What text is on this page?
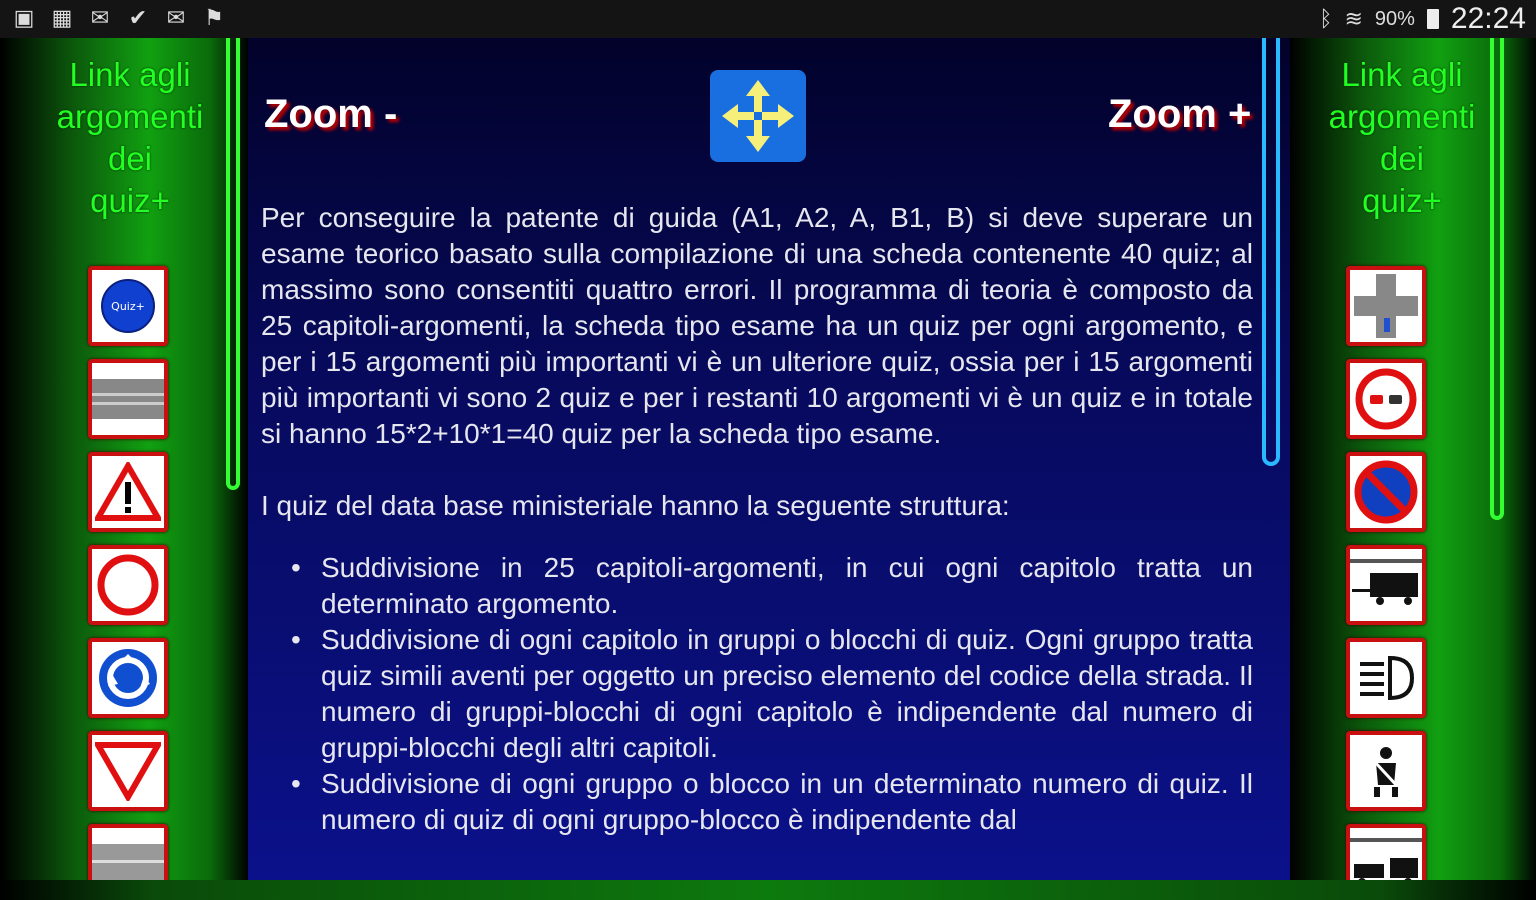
▣ ▦ ✉ ✔ ✉ ⚑	ᛒ ≋ 90% 22:24
Link agli
argomenti
dei
quiz+
Quiz+
Link agli
argomenti
dei
quiz+
Zoom -	Zoom +

Per conseguire la patente di guida (A1, A2, A, B1, B) si deve superare un esame teorico basato sulla compilazione di una scheda contenente 40 quiz; al massimo sono consentiti quattro errori. Il programma di teoria è composto da 25 capitoli-argomenti, la scheda tipo esame ha un quiz per ogni argomento, e per i 15 argomenti più importanti vi è un ulteriore quiz, ossia per i 15 argomenti più importanti vi sono 2 quiz e per i restanti 10 argomenti vi è un quiz e in totale si hanno 15*2+10*1=40 quiz per la scheda tipo esame.

I quiz del data base ministeriale hanno la seguente struttura:

• Suddivisione in 25 capitoli-argomenti, in cui ogni capitolo tratta un determinato argomento.
• Suddivisione di ogni capitolo in gruppi o blocchi di quiz. Ogni gruppo tratta quiz simili aventi per oggetto un preciso elemento del codice della strada. Il numero di gruppi-blocchi di ogni capitolo è indipendente dal numero di gruppi-blocchi degli altri capitoli.
• Suddivisione di ogni gruppo o blocco in un determinato numero di quiz. Il numero di quiz di ogni gruppo-blocco è indipendente dal
